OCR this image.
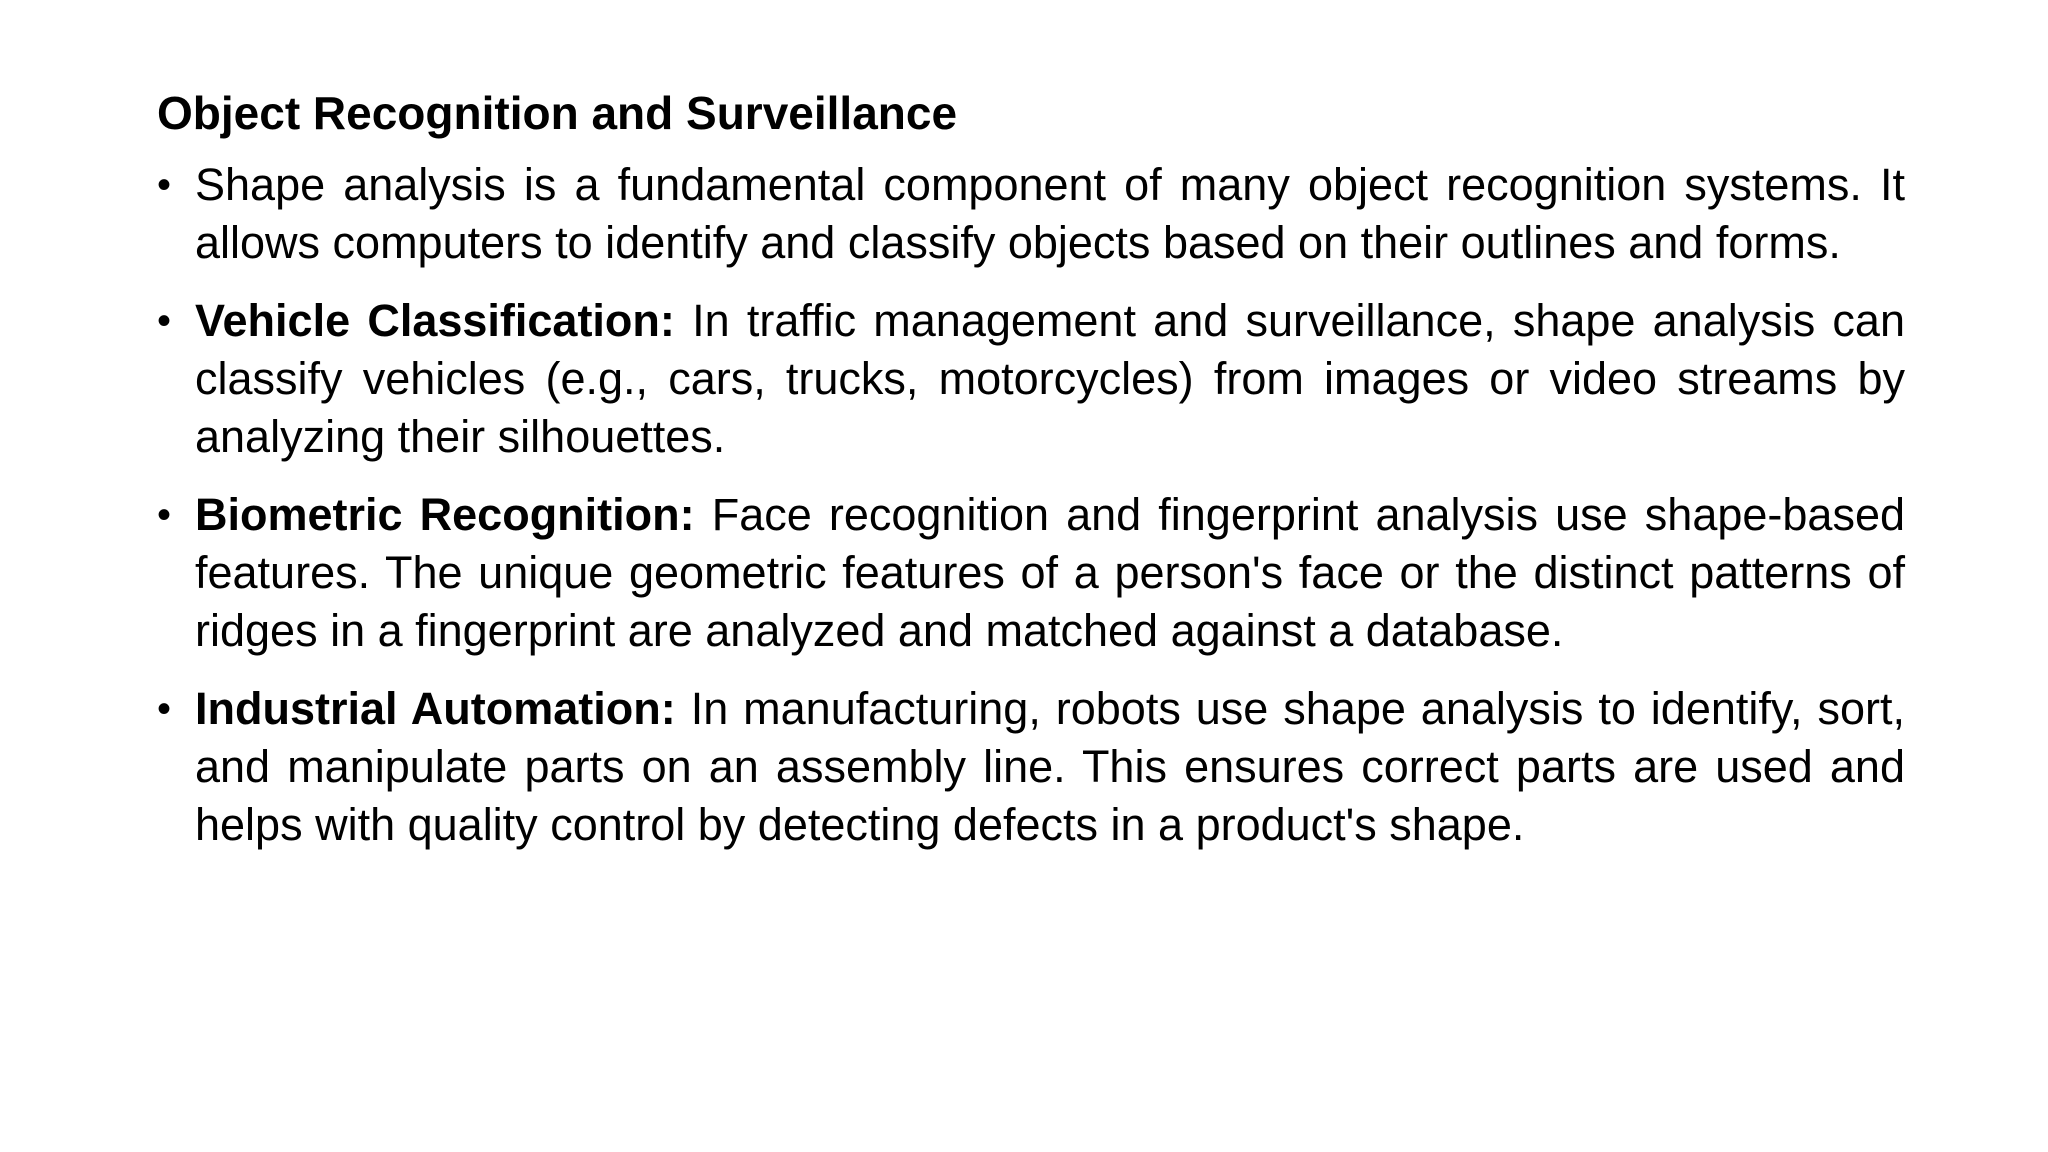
Object Recognition and Surveillance
• Shape analysis is a fundamental component of many object recognition systems. It allows computers to identify and classify objects based on their outlines and forms.
• Vehicle Classification: In traffic management and surveillance, shape analysis can classify vehicles (e.g., cars, trucks, motorcycles) from images or video streams by analyzing their silhouettes.
• Biometric Recognition: Face recognition and fingerprint analysis use shape-based features. The unique geometric features of a person's face or the distinct patterns of ridges in a fingerprint are analyzed and matched against a database.
• Industrial Automation: In manufacturing, robots use shape analysis to identify, sort, and manipulate parts on an assembly line. This ensures correct parts are used and helps with quality control by detecting defects in a product's shape.
